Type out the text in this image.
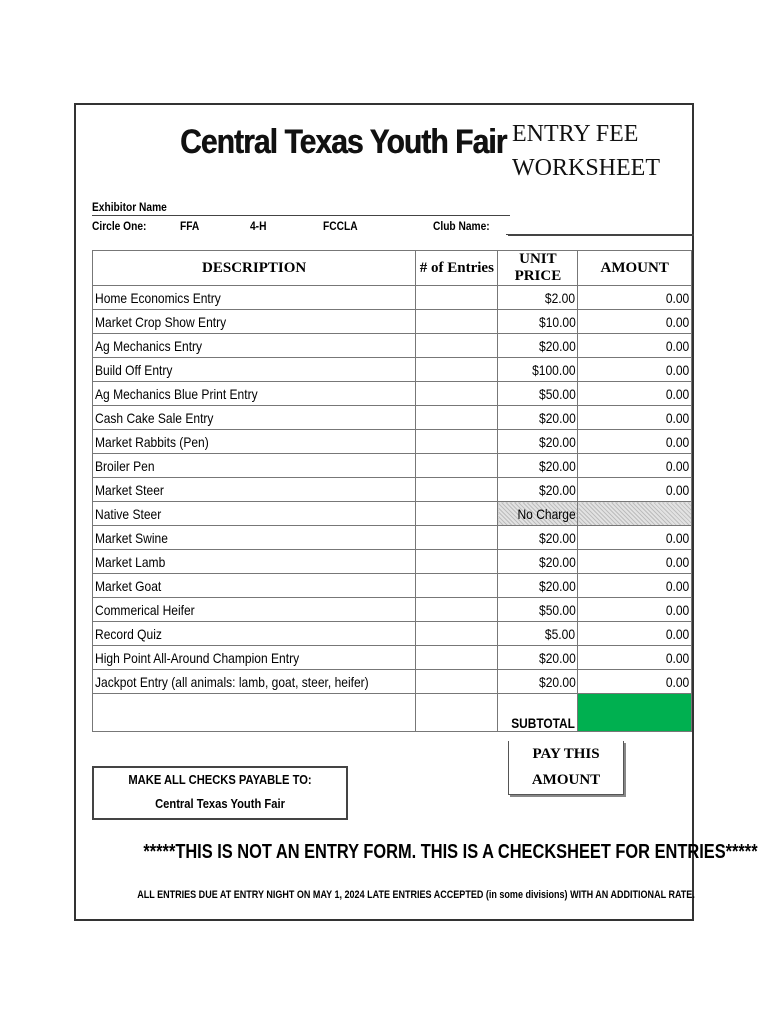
Central Texas Youth Fair ENTRY FEE
WORKSHEET
Exhibitor Name
Circle One:	FFA	4-H	FCCLA	Club Name:
DESCRIPTION	# of Entries	UNIT PRICE	AMOUNT
Home Economics Entry		$2.00	0.00
Market Crop Show Entry		$10.00	0.00
Ag Mechanics Entry		$20.00	0.00
Build Off Entry		$100.00	0.00
Ag Mechanics Blue Print Entry		$50.00	0.00
Cash Cake Sale Entry		$20.00	0.00
Market Rabbits (Pen)		$20.00	0.00
Broiler Pen		$20.00	0.00
Market Steer		$20.00	0.00
Native Steer		No Charge	
Market Swine		$20.00	0.00
Market Lamb		$20.00	0.00
Market Goat		$20.00	0.00
Commerical Heifer		$50.00	0.00
Record Quiz		$5.00	0.00
High Point All-Around Champion Entry		$20.00	0.00
Jackpot Entry (all animals: lamb, goat, steer, heifer)		$20.00	0.00
		SUBTOTAL	
PAY THIS
AMOUNT
MAKE ALL CHECKS PAYABLE TO:
Central Texas Youth Fair
*****THIS IS NOT AN ENTRY FORM. THIS IS A CHECKSHEET FOR ENTRIES*****
ALL ENTRIES DUE AT ENTRY NIGHT ON MAY 1, 2024 LATE ENTRIES ACCEPTED (in some divisions) WITH AN ADDITIONAL RATE.
